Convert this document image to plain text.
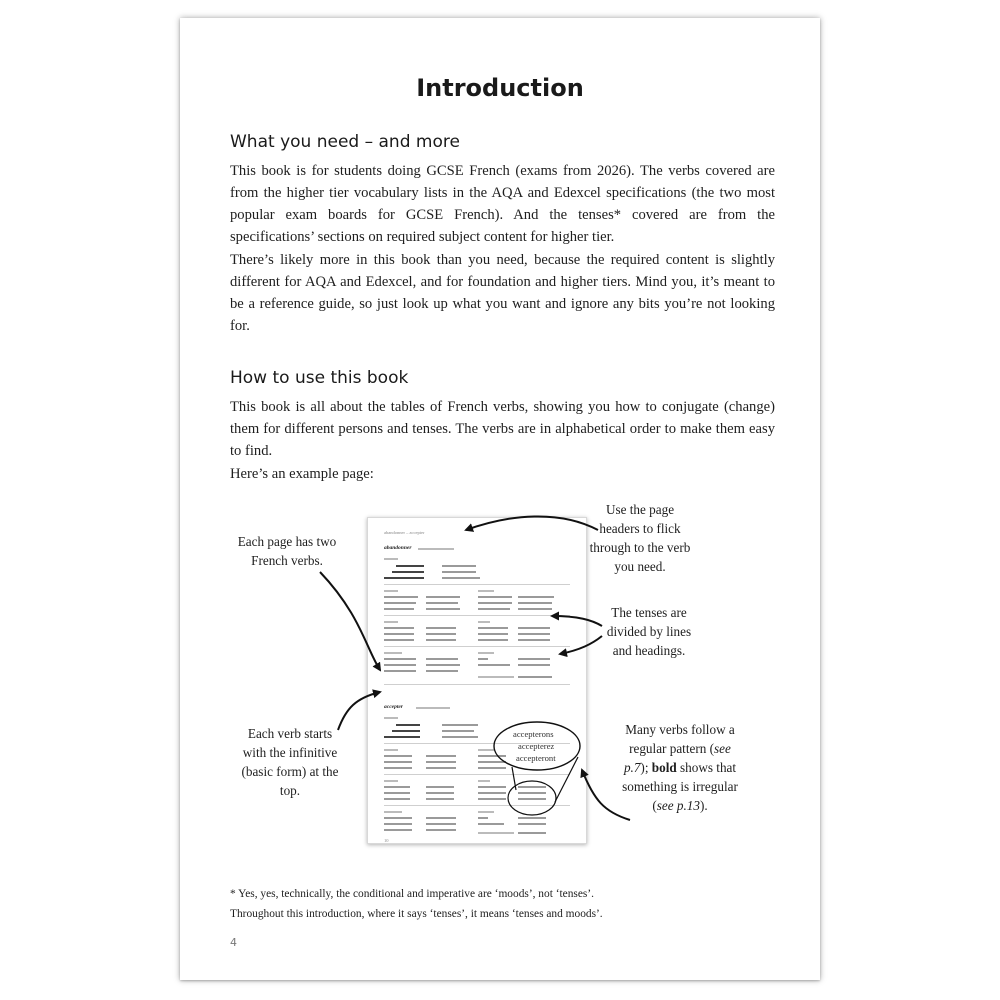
Introduction
What you need – and more
This book is for students doing GCSE French (exams from 2026). The verbs covered are from the higher tier vocabulary lists in the AQA and Edexcel specifications (the two most popular exam boards for GCSE French). And the tenses* covered are from the specifications’ sections on required subject content for higher tier.
There’s likely more in this book than you need, because the required content is slightly different for AQA and Edexcel, and for foundation and higher tiers. Mind you, it’s meant to be a reference guide, so just look up what you want and ignore any bits you’re not looking for.
How to use this book
This book is all about the tables of French verbs, showing you how to conjugate (change) them for different persons and tenses. The verbs are in alphabetical order to make them easy to find.
Here’s an example page:
abandonner – accepter
abandonner
accepter
10
accepterons
accepterez
accepteront
Each page has two French verbs.
Use the page headers to flick through to the verb you need.
The tenses are divided by lines and headings.
Each verb starts with the infinitive (basic form) at the top.
Many verbs follow a regular pattern (see p.7); bold shows that something is irregular (see p.13).
* Yes, yes, technically, the conditional and imperative are ‘moods’, not ‘tenses’.
Throughout this introduction, where it says ‘tenses’, it means ‘tenses and moods’.
4
